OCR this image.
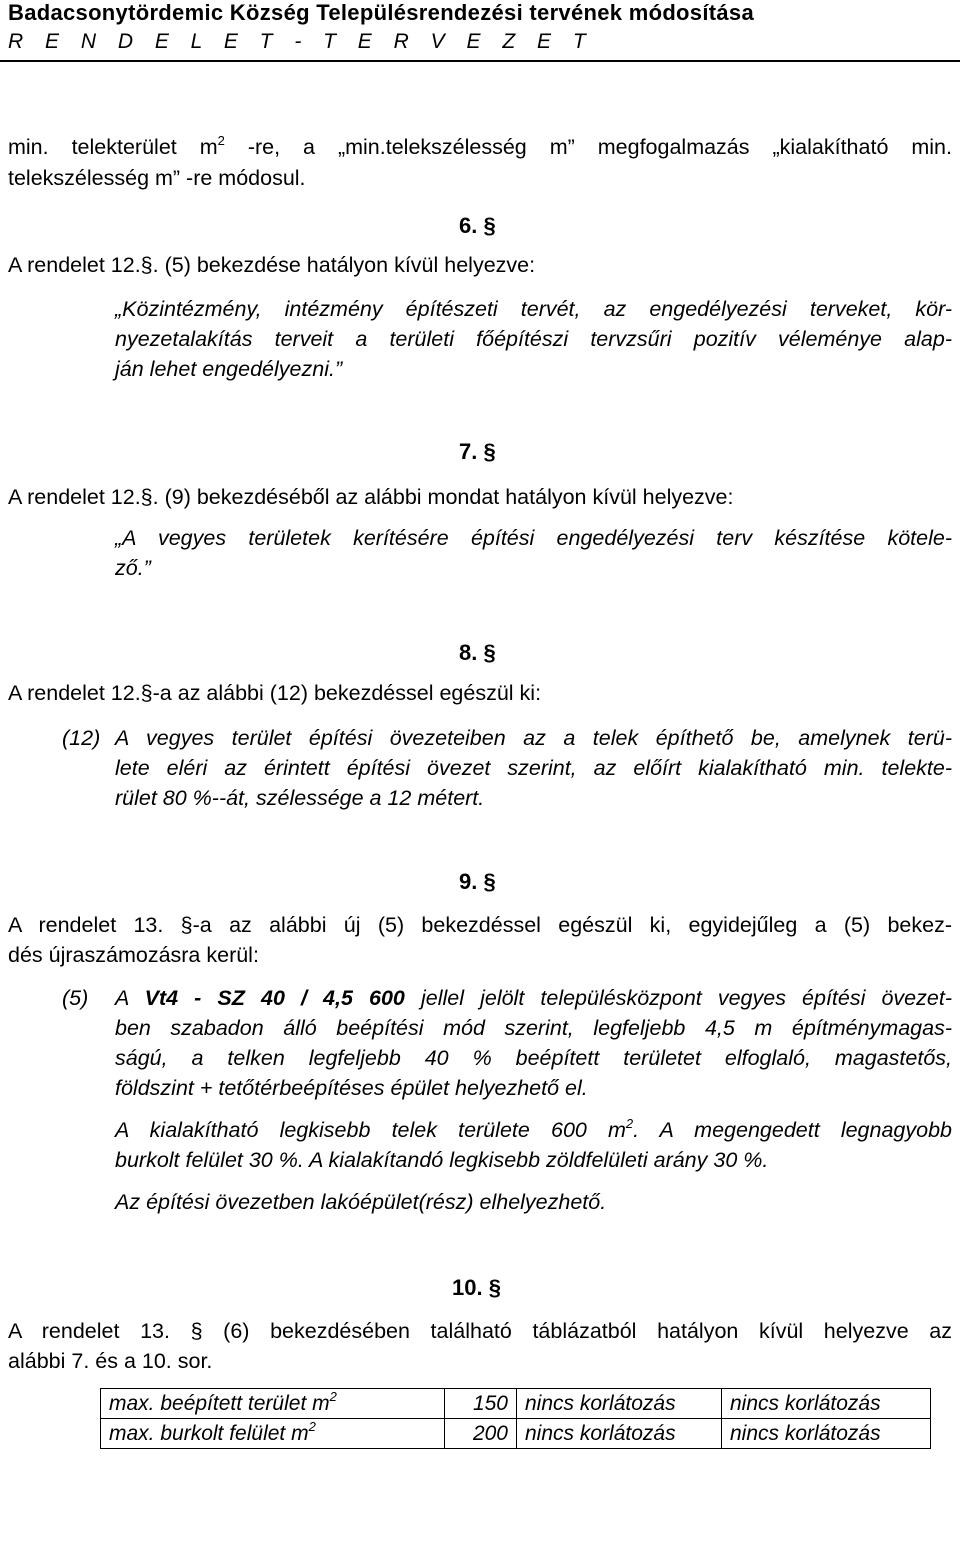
Badacsonytördemic Község Településrendezési tervének módosítása
R E N D E L E T - T E R V E Z E T
min. telekterület $m^2$ -re, a „min.telekszélesség m” megfogalmazás „kialakítható min.
telekszélesség m” -re módosul.
6. §
A rendelet 12.§. (5) bekezdése hatályon kívül helyezve:
„Közintézmény, intézmény építészeti tervét, az engedélyezési terveket, kör-
nyezetalakítás terveit a területi főépítészi tervzsűri pozitív véleménye alap-
ján lehet engedélyezni.”
7. §
A rendelet 12.§. (9) bekezdéséből az alábbi mondat hatályon kívül helyezve:
„A vegyes területek kerítésére építési engedélyezési terv készítése kötele-
ző.”
8. §
A rendelet 12.§-a az alábbi (12) bekezdéssel egészül ki:
(12) A vegyes terület építési övezeteiben az a telek építhető be, amelynek terü-
lete eléri az érintett építési övezet szerint, az előírt kialakítható min. telekte-
rület 80 %--át, szélessége a 12 métert.
9. §
A rendelet 13. §-a az alábbi új (5) bekezdéssel egészül ki, egyidejűleg a (5) bekez-
dés újraszámozásra kerül:
(5) A Vt4 - SZ 40 / 4,5 600 jellel jelölt településközpont vegyes építési övezet-
ben szabadon álló beépítési mód szerint, legfeljebb 4,5 m építménymagas-
ságú, a telken legfeljebb 40 % beépített területet elfoglaló, magastetős,
földszint + tetőtérbeépítéses épület helyezhető el.
A kialakítható legkisebb telek területe 600 $m^2$. A megengedett legnagyobb
burkolt felület 30 %. A kialakítandó legkisebb zöldfelületi arány 30 %.
Az építési övezetben lakóépület(rész) elhelyezhető.
10. §
A rendelet 13. § (6) bekezdésében található táblázatból hatályon kívül helyezve az
alábbi 7. és a 10. sor.
max. beépített terület $m^2$	150	nincs korlátozás	nincs korlátozás
max. burkolt felület $m^2$	200	nincs korlátozás	nincs korlátozás
